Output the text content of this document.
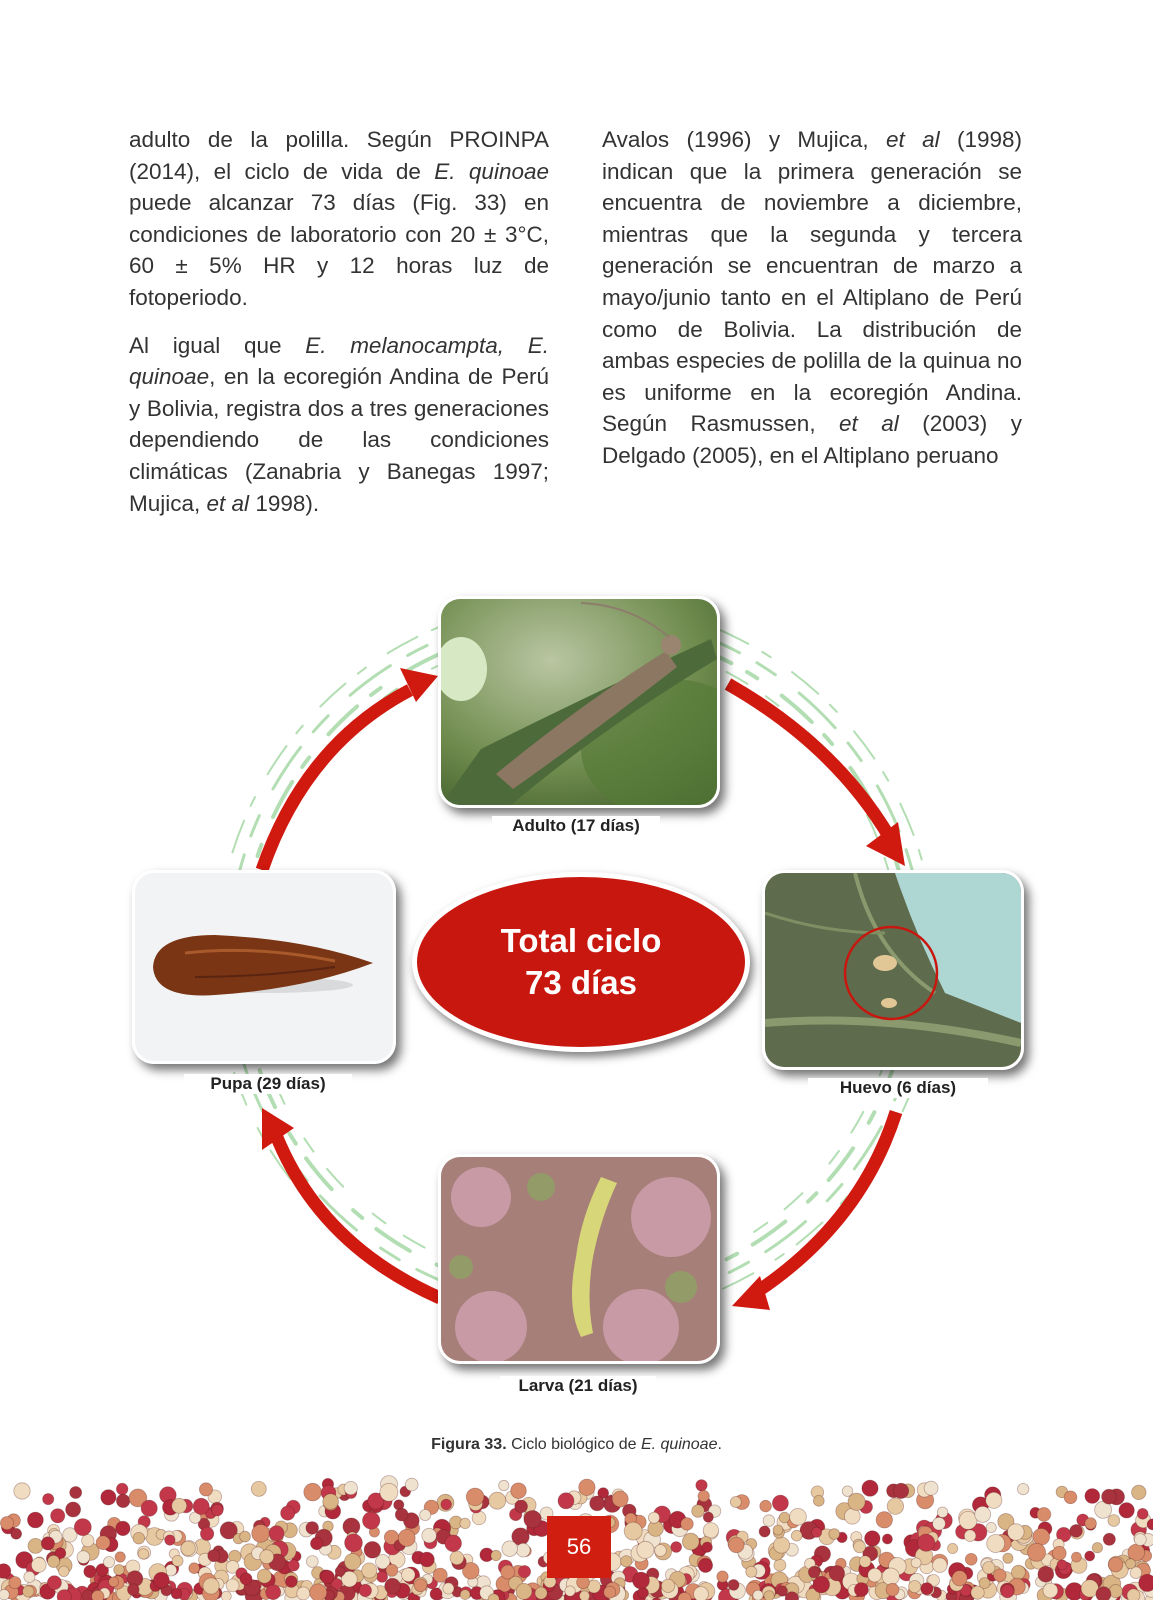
adulto de la polilla. Según PROINPA (2014), el ciclo de vida de E. quinoae puede alcanzar 73 días (Fig. 33) en condiciones de laboratorio con 20 ± 3°C, 60 ± 5% HR y 12 horas luz de fotoperiodo.

Al igual que E. melanocampta, E. quinoae, en la ecoregión Andina de Perú y Bolivia, registra dos a tres generaciones dependiendo de las condiciones climáticas (Zanabria y Banegas 1997; Mujica, et al 1998).

Avalos (1996) y Mujica, et al (1998) indican que la primera generación se encuentra de noviembre a diciembre, mientras que la segunda y tercera generación se encuentran de marzo a mayo/junio tanto en el Altiplano de Perú como de Bolivia. La distribución de ambas especies de polilla de la quinua no es uniforme en la ecoregión Andina. Según Rasmussen, et al (2003) y Delgado (2005), en el Altiplano peruano

Adulto (17 días)
Huevo (6 días)
Larva (21 días)
Pupa (29 días)
Total ciclo
73 días
Figura 33. Ciclo biológico de E. quinoae.
56
